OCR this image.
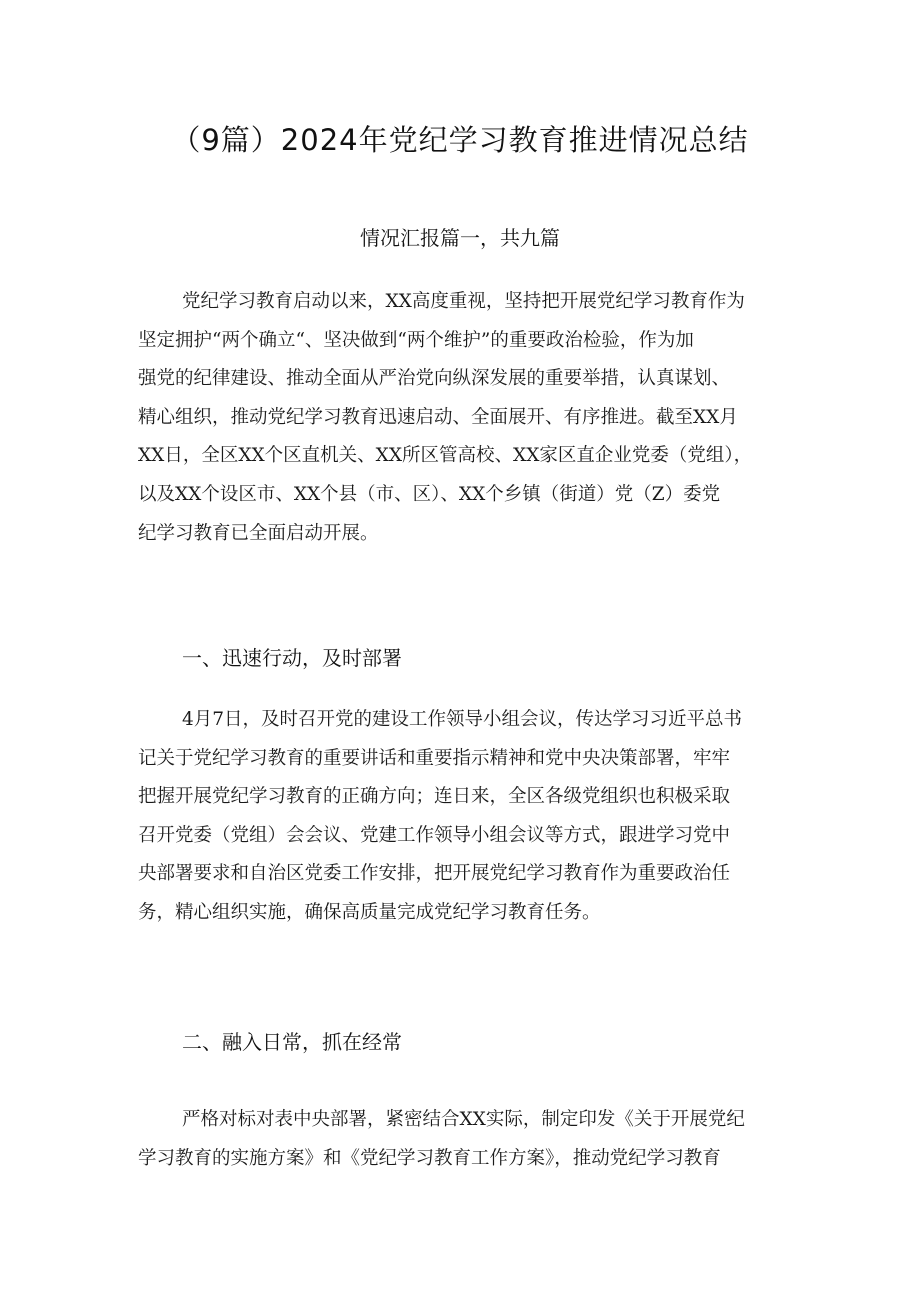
（9篇）2024年党纪学习教育推进情况总结
情况汇报篇一，共九篇
党纪学习教育启动以来，XX高度重视，坚持把开展党纪学习教育作为
坚定拥护“两个确立“、坚决做到“两个维护”的重要政治检验，作为加
强党的纪律建设、推动全面从严治党向纵深发展的重要举措，认真谋划、
精心组织，推动党纪学习教育迅速启动、全面展开、有序推进。截至XX月
XX日，全区XX个区直机关、XX所区管高校、XX家区直企业党委（党组），
以及XX个设区市、XX个县（市、区）、XX个乡镇（街道）党（Z）委党
纪学习教育已全面启动开展。
一、迅速行动，及时部署
4月7日，及时召开党的建设工作领导小组会议，传达学习习近平总书
记关于党纪学习教育的重要讲话和重要指示精神和党中央决策部署，牢牢
把握开展党纪学习教育的正确方向；连日来，全区各级党组织也积极采取
召开党委（党组）会会议、党建工作领导小组会议等方式，跟进学习党中
央部署要求和自治区党委工作安排，把开展党纪学习教育作为重要政治任
务，精心组织实施，确保高质量完成党纪学习教育任务。
二、融入日常，抓在经常
严格对标对表中央部署，紧密结合XX实际，制定印发《关于开展党纪
学习教育的实施方案》和《党纪学习教育工作方案》，推动党纪学习教育
